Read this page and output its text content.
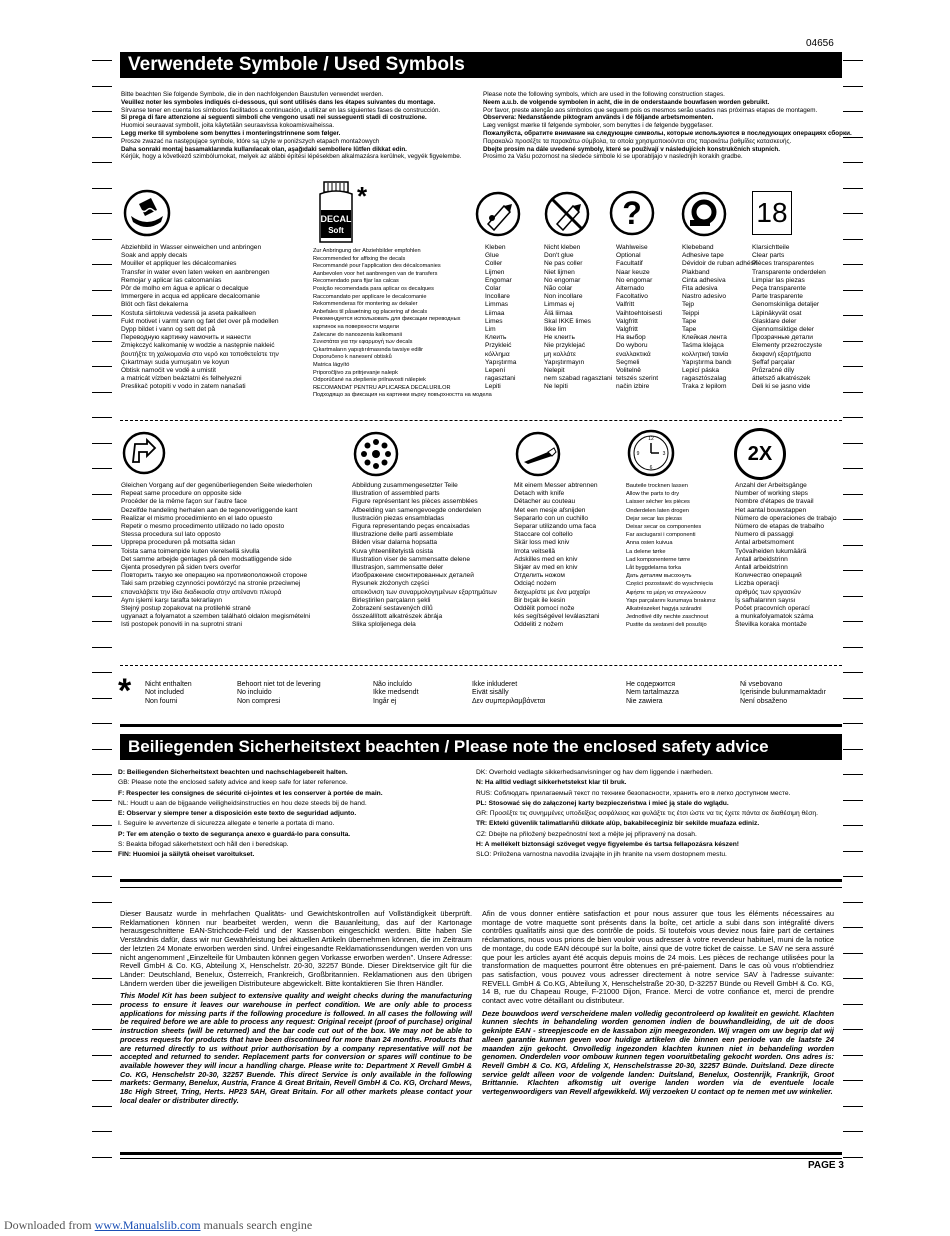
04656
Verwendete Symbole / Used Symbols
Bitte beachten Sie folgende Symbole, die in den nachfolgenden Baustufen verwendet werden.
Veuillez noter les symboles indiqués ci-dessous, qui sont utilisés dans les étapes suivantes du montage.
Sírvanse tener en cuenta los símbolos facilitados a continuación, a utilizar en las siguientes fases de construcción.
Si prega di fare attenzione ai seguenti simboli che vengono usati nei susseguenti stadi di costruzione.
Huomioi seuraavat symbolit, joita käytetään seuraavissa kokoamisvaiheissa.
Legg merke til symbolene som benyttes i monteringstrinnene som følger.
Prosze zwazać na następujące symbole, które są użyte w poniższych etapach montażowych
Daha sonraki montaj basamaklarında kullanılacak olan, aşağıdaki sembollere lütfen dikkat edin.
Kérjük, hogy a következő szimbólumokat, melyek az alábbi építési lépésekben alkalmazásra kerülnek, vegyék figyelembe.
Please note the following symbols, which are used in the following construction stages.
Neem a.u.b. de volgende symbolen in acht, die in de onderstaande bouwfasen worden gebruikt.
Por favor, preste atenção aos símbolos que seguem pois os mesmos serão usados nas próximas etapas de montagem.
Observera: Nedanstående piktogram används i de följande arbetsmomenten.
Læg venligst mærke til følgende symboler, som benyttes i de følgende byggefaser.
Пожалуйста, обратите внимание на следующие символы, которые используются в последующих операциях сборки.
Παρακαλώ προσέξτε τα παρακάτω σύμβολα, τα οποία χρησιμοποιούνται στις παρακάτω βαθμίδες κατασκευής.
Dbejte prosím na dále uvedené symboly, které se používají v následujících konstrukčních stupních.
Prosimo za Vašu pozornost na sledeće simbole ki se uporabljajo v naslednjih korakih gradbe.
DECAL
Soft
*	?	18
Abziehbild in Wasser einweichen und anbringen
Soak and apply decals
Mouiller et appliquer les décalcomanies
Transfer in water even laten weken en aanbrengen
Remojar y aplicar las calcomanías
Pôr de molho em água e aplicar o decalque
Immergere in acqua ed applicare decalcomanie
Blöt och fäst dekalerna
Kostuta siirtokuva vedessä ja aseta paikalleen
Fukt motivet i varmt vann og fæt det over på modellen
Dypp bildet i vann og sett det på
Переводную картинку намочить и нанести
Zmiękczyć kalkomanię w wodzie a następnie nakleić
βουτήξτε τη χαλκομανία στο νερό και τοποθετείστε την
Çıkartmayı suda yumuşatın ve koyun
Obtisk namočit ve vodě a umistit
a matricát vízben beáztatni és felhelyezni
Preslikač potopiti v vodo in zatem nanašati
Zur Anbringung der Abziehbilder empfohlen
Recommended for affixing the decals
Recommandé pour l'application des décalcomanies
Aanbevolen voor het aanbrengen van de transfers
Recomendado para fijar las calcas
Posição recomendada para aplicar os decalques
Raccomandato per applicare le decalcomanie
Rekommenderas för montering av dekaler
Anbefales til påsætning og placering af decals
Рекомендуется использовать для фиксации переводных
картинок на поверхности модели
Zalecane do nanoszenia kalkomanii
Συνιστάται για την εφαρμογή των decals
Çıkartmaların yapıştırılmasında tavsiye edilir
Doporučeno k nanesení obtisků
Matrica lágyító
Priporočljivo za pritrjevanje nalepk
Odporúčané na zlepšenie prilnavosti nálepiek
RECOMANDAT PENTRU APLICAREA DECALURILOR
Подходящо за фиксация на картинки върху повърхността на модела
Kleben
Glue
Coller
Lijmen
Engomar
Colar
Incollare
Limmas
Liimaa
Limes
Lim
Клеить
Przykleić
κόλλημα
Yapıştırma
Lepení
ragasztani
Lepiti
Nicht kleben
Don't glue
Ne pas coller
Niet lijmen
No engomar
Não colar
Non incollare
Limmas ej
Älä liimaa
Skal IKKE limes
Ikke lim
Не клеить
Nie przyklejać
μη κολλάτε
Yapıştırmayın
Nelepit
nem szabad ragasztani
Ne lepiti
Wahlweise
Optional
Facultatif
Naar keuze
No engomar
Alternado
Facoltativo
Valfritt
Vaihtoehtoisesti
Valgfritt
Valgfritt
На выбор
Do wyboru
εναλλακτικά
Seçmeli
Volitelně
tetszés szerint
način izbire
Klebeband
Adhesive tape
Dévidoir de ruban adhésif
Plakband
Cinta adhesiva
Fita adesiva
Nastro adesivo
Tejp
Teippi
Tape
Tape
Клейкая лента
Taśma klejąca
κολλητική ταινία
Yapıştırma bandı
Lepicí páska
ragasztószalag
Traka z lepilom
Klarsichtteile
Clear parts
Pièces transparentes
Transparente onderdelen
Limpiar las piezas
Peça transparente
Parte trasparente
Genomskinliga detaljer
Läpinäkyvät osat
Glasklare deler
Gjennomsiktige deler
Прозрачные детали
Elementy przezroczyste
διαφανή εξαρτήματα
Şeffaf parçalar
Průzračné díly
áttetsző alkatrészek
Deli ki se jasno vide
12
3
6
9	2X
Gleichen Vorgang auf der gegenüberliegenden Seite wiederholen
Repeat same procedure on opposite side
Procéder de la même façon sur l'autre face
Dezelfde handeling herhalen aan de tegenoverliggende kant
Realizar el mismo procedimiento en el lado opuesto
Repetir o mesmo procedimento utilizado no lado oposto
Stessa procedura sul lato opposto
Upprepa proceduren på motsatta sidan
Toista sama toimenpide kuten vierelsellä sivulla
Det samme arbejde gentages på den modsatliggende side
Gjenta prosedyren på siden tvers overfor
Повторить такую же операцию на противоположной стороне
Taki sam przebieg czynności powtórzyć na stronie przeciwnej
επαναλάβετε την ίδια διαδικασία στην απέναντι πλευρά
Aynı işlemi karşı tarafta tekrarlayın
Stejný postup zopakovat na protilehlé straně
ugyanazt a folyamatot a szemben található oldalon megismételni
Isti postopek ponoviti in na suprotni strani
Abbildung zusammengesetzter Teile
Illustration of assembled parts
Figure représentant les pièces assemblées
Afbeelding van samengevoegde onderdelen
Ilustración piezas ensambladas
Figura representando peças encaixadas
Illustrazione delle parti assemblate
Bilden visar dalarna hopsatta
Kuva yhteenliitetyistä osista
Illustration viser de sammensatte delene
Illustrasjon, sammensatte deler
Изображение смонтированных деталей
Rysunek złożonych części
απεικόνιση των συναρμολογημένων εξαρτημάτων
Birleştirilen parçaların şekli
Zobrazení sestavených dílů
összeállított alkatrészek ábrája
Slika sploljenega dela
Mit einem Messer abtrennen
Detach with knife
Détacher au couteau
Met een mesje afsnijden
Separarlo con un cuchillo
Separar utilizando uma faca
Staccare col coltello
Skär loss med kniv
Irrota veitsellä
Adskilles med en kniv
Skjær av med en kniv
Отделить ножом
Odciąć nożem
διαχωρίστε με ένα μαχαίρι
Bir bıçak ile kesin
Oddělit pomocí nože
kés segítségével leválasztani
Oddeliti z nožem
Bauteile trocknen lassen
Allow the parts to dry
Laisser sécher les pièces
Onderdelen laten drogen
Dejar secar las piezas
Deixar secar os componentes
Far asciugarsi i componenti
Anna osien kuivua
La delene tørke
Lad komponenterne tørre
Låt byggdelarna torka
Дать деталям высохнуть
Części pozostawić do wyschnięcia
Αφήστε τα μέρη να στεγνώσουν
Yapı parçalarını kurumaya bırakınız
Alkatrészeket hagyja száradni
Jednotlivé díly nechte zaschnout
Pustite da sestavni deli posušijo
Anzahl der Arbeitsgänge
Number of working steps
Nombre d'étapes de travail
Het aantal bouwstappen
Número de operaciones de trabajo
Número de etapas de trabalho
Numero di passaggi
Antal arbetsmoment
Työvaiheiden lukumäärä
Antall arbeidstrinn
Antall arbeidstrinn
Количество операций
Liczba operacji
αριθμός των εργασιών
İş safhalarının sayısı
Počet pracovních operací
a munkafolyamatok száma
Številka koraka montaže
* Nicht enthalten
Not included
Non fourni
Behoort niet tot de levering
No incluido
Non compresi
Não incluído
Ikke medsendt
Ingår ej
Ikke inkluderet
Eivät sisälly
Δεν συμπεριλαμβάνεται
Не содержится
Nem tartalmazza
Nie zawiera
Ni vsebovano
Içerisinde bulunmamaktadır
Není obsaženo
Beiliegenden Sicherheitstext beachten / Please note the enclosed safety advice
D: Beiliegenden Sicherheitstext beachten und nachschlagebereit halten.
GB: Please note the enclosed safety advice and keep safe for later reference.
F: Respecter les consignes de sécurité ci-jointes et les conserver à portée de main.
NL: Houdt u aan de bijgaande veiligheidsinstructies en hou deze steeds bij de hand.
E: Observar y siempre tener a disposición este texto de seguridad adjunto.
I. Seguire le avvertenze di sicurezza allegate e tenerle a portata di mano.
P: Ter em atenção o texto de segurança anexo e guardá-lo para consulta.
S: Beakta bifogad säkerhetstext och håll den i beredskap.
FIN: Huomioi ja säilytä oheiset varoitukset.
DK: Overhold vedlagte sikkerhedsanvisninger og hav dem liggende i nærheden.
N: Ha alltid vedlagt sikkerhetstekst klar til bruk.
RUS: Соблюдать прилагаемый текст по технике безопасности, хранить его в легко доступном месте.
PL: Stosować się do załączonej karty bezpieczeństwa i mieć ją stale do wglądu.
GR: Προσέξτε τις συνημμένες υποδείξεις ασφάλειας και φυλάξτε τις έτσι ώστε να τις έχετε πάντα σε διαθέσιμη θέση.
TR: Ekteki güvenlik talimatlarıñü dikkate alûp, bakabileceginiz bir sekilde muafaza ediniz.
CZ: Dbejte na přiložený bezpečnostní text a mějte jej připravený na dosah.
H: A mellékelt biztonsági szöveget vegye figyelembe és tartsa fellapozásra készen!
SLO: Priložena varnostna navodila izvajajte in jih hranite na vsem dostopnem mestu.

Dieser Bausatz wurde in mehrfachen Qualitäts- und Gewichtskontrollen auf Vollständigkeit überprüft. Reklamationen können nur bearbeitet werden, wenn die Bauanleitung, das auf der Kartonage herausgeschnittene EAN-Strichcode-Feld und der Kassenbon eingeschickt werden. Bitte haben Sie Verständnis dafür, dass wir nur Gewährleistung bei aktuellen Artikeln übernehmen können, die im Zeitraum der letzten 24 Monate erworben werden sind. Unfrei eingesandte Reklamationssendungen werden von uns nicht angenommen! „Einzelteile für Umbauten können gegen Vorkasse erworben werden". Unsere Adresse: Revell GmbH & Co. KG, Abteilung X, Henschelstr. 20-30, 32257 Bünde. Dieser Direktservice gilt für die Länder: Deutschland, Benelux, Österreich, Frankreich, Großbritannien. Reklamationen aus den übrigen Ländern werden über die jeweiligen Distributeure abgewickelt. Bitte kontaktieren Sie Ihren Händler.

This Model Kit has been subject to extensive quality and weight checks during the manufacturing process to ensure it leaves our warehouse in perfect condition. We are only able to process applications for missing parts if the following procedure is followed. In all cases the following will be required before we are able to process any request: Original receipt (proof of purchase) original instruction sheets (will be returned) and the bar code cut out of the box. We may not be able to process requests for products that have been discontinued for more than 24 months. Products that are returned directly to us without prior authorisation by a company representative will not be accepted and returned to sender. Replacement parts for conversion or spares will continue to be available however they will incur a handling charge. Please write to: Department X Revell GmbH & Co. KG, Henschelstr 20-30, 32257 Buende. This direct Service is only available in the following markets: Germany, Benelux, Austria, France & Great Britain, Revell GmbH & Co. KG, Orchard Mews, 18c High Street, Tring, Herts. HP23 5AH, Great Britain. For all other markets please contact your local dealer or distributer directly.

Afin de vous donner entière satisfaction et pour nous assurer que tous les éléments nécessaires au montage de votre maquette sont présents dans la boîte, cet article a subi dans son intégralité divers contrôles qualitatifs ainsi que des contrôle de poids. Si toutefois vous deviez nous faire part de certaines réclamations, nous vous prions de bien vouloir vous adresser à votre revendeur habituel, muni de la notice de montage, du code EAN découpé sur la boîte, ainsi que de votre ticket de caisse. Le SAV ne sera assuré que pour les articles ayant été acquis depuis moins de 24 mois. Les pièces de rechange utilisées pour la transformation de maquettes pourront être obtenues en pré-paiement. Dans le cas où vous n'obtiendriez pas satisfaction, vous pouvez vous adresser directement à notre service SAV à l'adresse suivante: REVELL GmbH & Co.KG, Abteilung X, Henschelstraße 20-30, D-32257 Bünde ou Revell GmbH & Co. KG, 14 B, rue du Chapeau Rouge, F-21000 Dijon, France. Merci de votre confiance et, merci de prendre contact avec votre détaillant ou distributeur.

Deze bouwdoos werd verscheidene malen volledig gecontroleerd op kwaliteit en gewicht. Klachten kunnen slechts in behandeling worden genomen indien de bouwhandleiding, de uit de doos geknipte EAN - streepjescode en de kassabon zijn meegezonden. Wij vragen om uw begrip dat wij alleen garantie kunnen geven voor huidige artikelen die binnen een periode van de laatste 24 maanden zijn gekocht. Onvolledig ingezonden klachten kunnen niet in behandeling worden genomen. Onderdelen voor ombouw kunnen tegen vooruitbetaling gekocht worden. Ons adres is: Revell GmbH & Co. KG, Afdeling X, Henschelstrasse 20-30, 32257 Bünde. Duitsland. Deze directe service geldt alleen voor de volgende landen: Duitsland, Benelux, Oostenrijk, Frankrijk, Groot Brittannie. Klachten afkomstig uit overige landen worden via de eventuele locale vertegenwoordigers van Revell afgewikkeld. Wij verzoeken U contact op te nemen met uw winkelier.

PAGE 3
Downloaded from www.Manualslib.com manuals search engine
